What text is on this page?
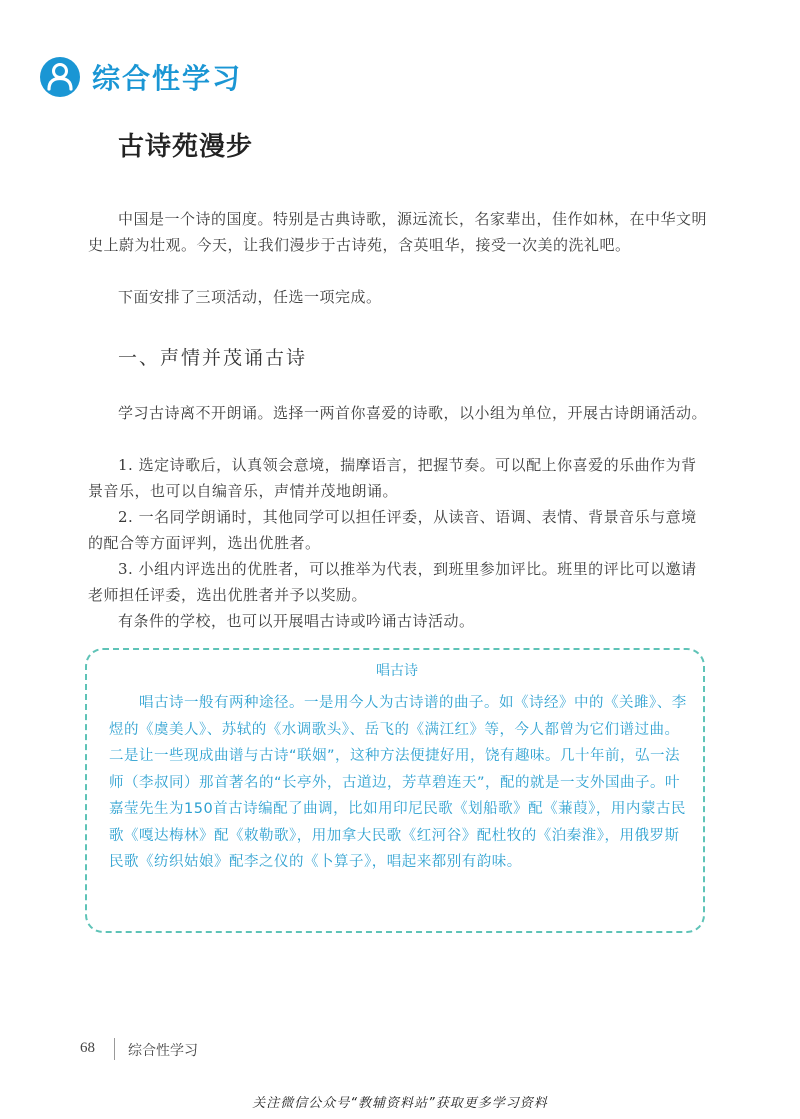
综合性学习
古诗苑漫步

中国是一个诗的国度。特别是古典诗歌，源远流长，名家辈出，佳作如林，在中华文明史上蔚为壮观。今天，让我们漫步于古诗苑，含英咀华，接受一次美的洗礼吧。

下面安排了三项活动，任选一项完成。

一、声情并茂诵古诗

学习古诗离不开朗诵。选择一两首你喜爱的诗歌，以小组为单位，开展古诗朗诵活动。

1. 选定诗歌后，认真领会意境，揣摩语言，把握节奏。可以配上你喜爱的乐曲作为背景音乐，也可以自编音乐，声情并茂地朗诵。

2. 一名同学朗诵时，其他同学可以担任评委，从读音、语调、表情、背景音乐与意境的配合等方面评判，选出优胜者。

3. 小组内评选出的优胜者，可以推举为代表，到班里参加评比。班里的评比可以邀请老师担任评委，选出优胜者并予以奖励。

有条件的学校，也可以开展唱古诗或吟诵古诗活动。

唱古诗

唱古诗一般有两种途径。一是用今人为古诗谱的曲子。如《诗经》中的《关雎》、李煜的《虞美人》、苏轼的《水调歌头》、岳飞的《满江红》等，今人都曾为它们谱过曲。二是让一些现成曲谱与古诗“联姻”，这种方法便捷好用，饶有趣味。几十年前，弘一法师（李叔同）那首著名的“长亭外，古道边，芳草碧连天”，配的就是一支外国曲子。叶嘉莹先生为150首古诗编配了曲调，比如用印尼民歌《划船歌》配《蒹葭》，用内蒙古民歌《嘎达梅林》配《敕勒歌》，用加拿大民歌《红河谷》配杜牧的《泊秦淮》，用俄罗斯民歌《纺织姑娘》配李之仪的《卜算子》，唱起来都别有韵味。

68 综合性学习
关注微信公众号“教辅资料站”获取更多学习资料
